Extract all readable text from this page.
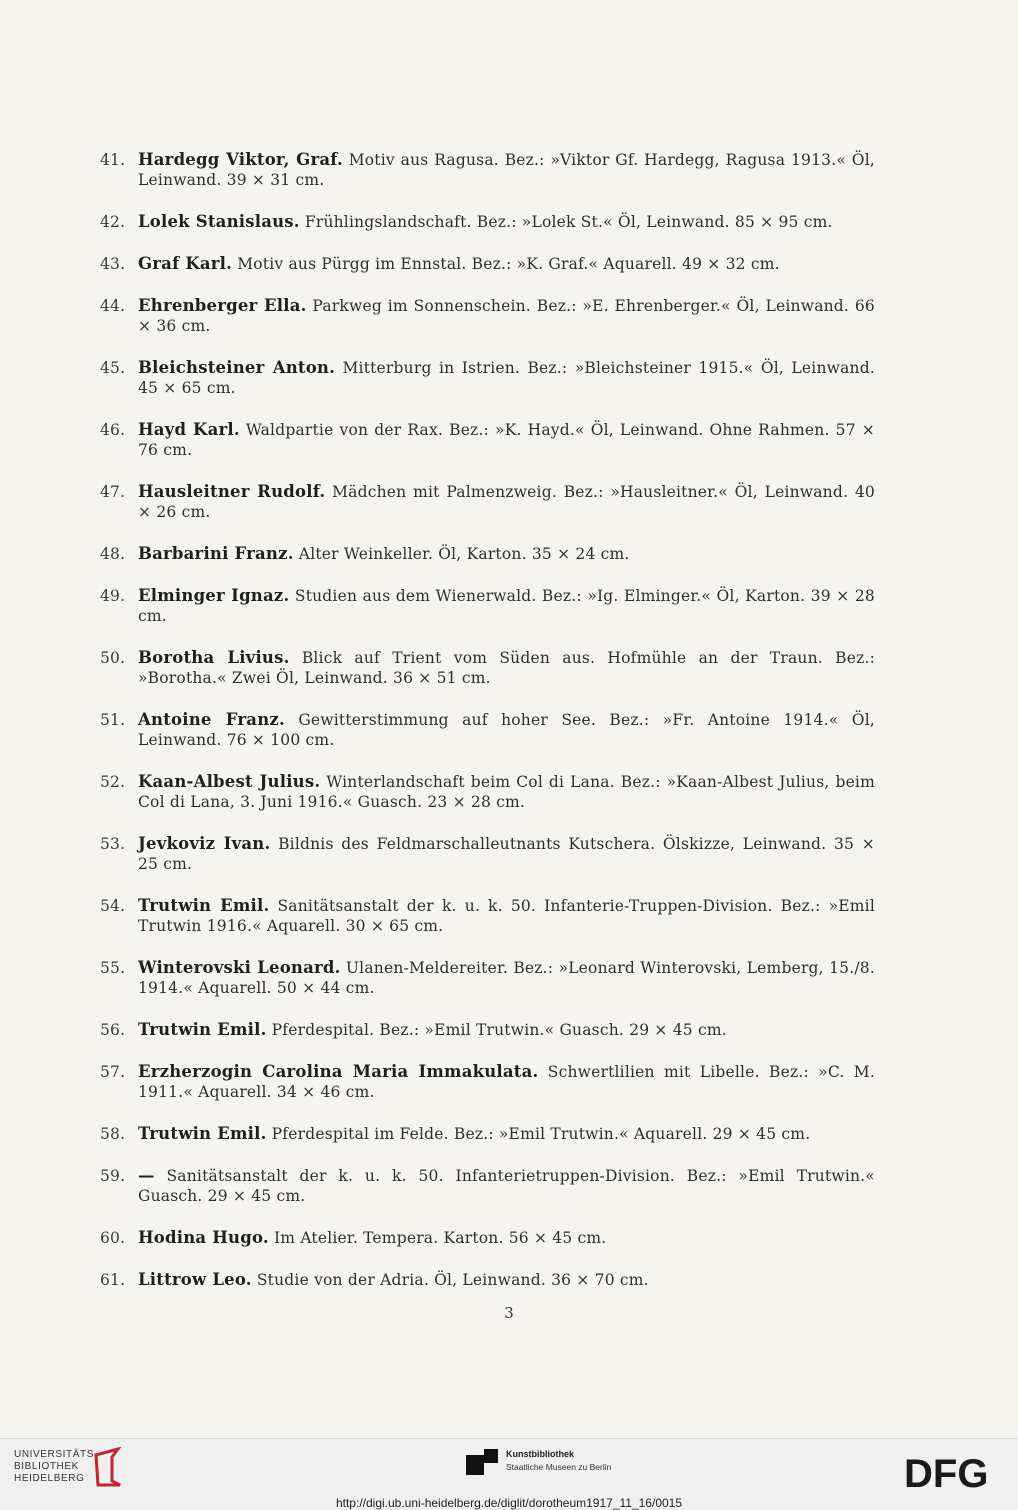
41. Hardegg Viktor, Graf. Motiv aus Ragusa. Bez.: »Viktor Gf. Hardegg, Ragusa 1913.« Öl, Leinwand. 39 × 31 cm.
42. Lolek Stanislaus. Frühlingslandschaft. Bez.: »Lolek St.« Öl, Leinwand. 85 × 95 cm.
43. Graf Karl. Motiv aus Pürgg im Ennstal. Bez.: »K. Graf.« Aquarell. 49 × 32 cm.
44. Ehrenberger Ella. Parkweg im Sonnenschein. Bez.: »E. Ehrenberger.« Öl, Leinwand. 66 × 36 cm.
45. Bleichsteiner Anton. Mitterburg in Istrien. Bez.: »Bleichsteiner 1915.« Öl, Leinwand. 45 × 65 cm.
46. Hayd Karl. Waldpartie von der Rax. Bez.: »K. Hayd.« Öl, Leinwand. Ohne Rahmen. 57 × 76 cm.
47. Hausleitner Rudolf. Mädchen mit Palmenzweig. Bez.: »Hausleitner.« Öl, Leinwand. 40 × 26 cm.
48. Barbarini Franz. Alter Weinkeller. Öl, Karton. 35 × 24 cm.
49. Elminger Ignaz. Studien aus dem Wienerwald. Bez.: »Ig. Elminger.« Öl, Karton. 39 × 28 cm.
50. Borotha Livius. Blick auf Trient vom Süden aus. Hofmühle an der Traun. Bez.: »Borotha.« Zwei Öl, Leinwand. 36 × 51 cm.
51. Antoine Franz. Gewitterstimmung auf hoher See. Bez.: »Fr. Antoine 1914.« Öl, Leinwand. 76 × 100 cm.
52. Kaan-Albest Julius. Winterlandschaft beim Col di Lana. Bez.: »Kaan-Albest Julius, beim Col di Lana, 3. Juni 1916.« Guasch. 23 × 28 cm.
53. Jevkoviz Ivan. Bildnis des Feldmarschalleutnants Kutschera. Ölskizze, Leinwand. 35 × 25 cm.
54. Trutwin Emil. Sanitätsanstalt der k. u. k. 50. Infanterie-Truppen-Division. Bez.: »Emil Trutwin 1916.« Aquarell. 30 × 65 cm.
55. Winterovski Leonard. Ulanen-Meldereiter. Bez.: »Leonard Winterovski, Lemberg, 15./8. 1914.« Aquarell. 50 × 44 cm.
56. Trutwin Emil. Pferdespital. Bez.: »Emil Trutwin.« Guasch. 29 × 45 cm.
57. Erzherzogin Carolina Maria Immakulata. Schwertlilien mit Libelle. Bez.: »C. M. 1911.« Aquarell. 34 × 46 cm.
58. Trutwin Emil. Pferdespital im Felde. Bez.: »Emil Trutwin.« Aquarell. 29 × 45 cm.
59. — Sanitätsanstalt der k. u. k. 50. Infanterietruppen-Division. Bez.: »Emil Trutwin.« Guasch. 29 × 45 cm.
60. Hodina Hugo. Im Atelier. Tempera. Karton. 56 × 45 cm.
61. Littrow Leo. Studie von der Adria. Öl, Leinwand. 36 × 70 cm.
3
UNIVERSITÄTS-
BIBLIOTHEK
HEIDELBERG
Kunstbibliothek
Staatliche Museen zu Berlin	DFG
http://digi.ub.uni-heidelberg.de/diglit/dorotheum1917_11_16/0015
